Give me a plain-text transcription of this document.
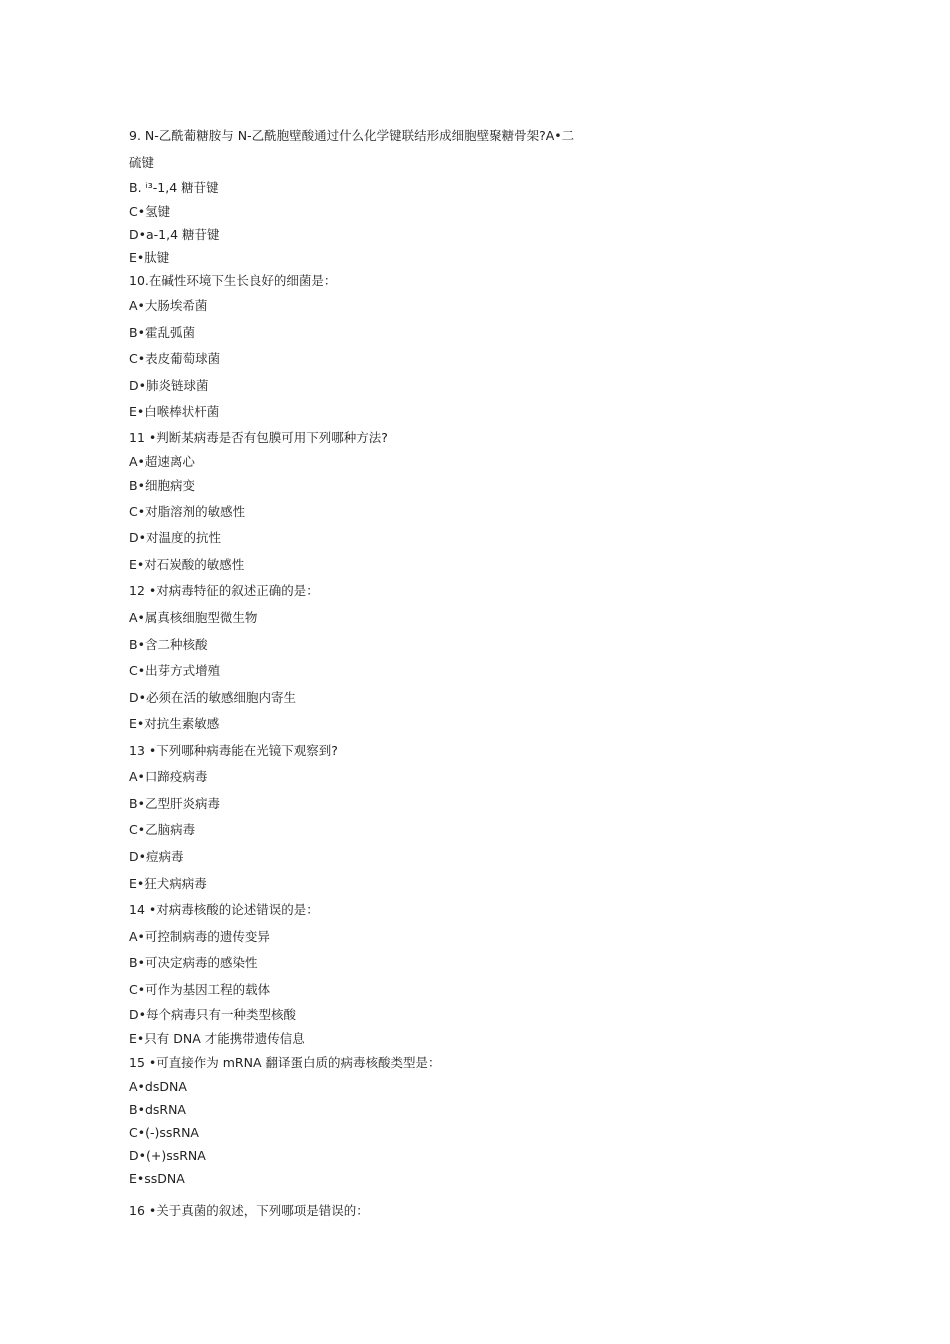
9. N-乙酰葡糖胺与 N-乙酰胞壁酸通过什么化学键联结形成细胞壁聚糖骨架?A•二
硫键
B. ⁱ³-1,4 糖苷键
C•氢键
D•a-1,4 糖苷键
E•肽键
10.在碱性环境下生长良好的细菌是：
A•大肠埃希菌
B•霍乱弧菌
C•表皮葡萄球菌
D•肺炎链球菌
E•白喉棒状杆菌
11 •判断某病毒是否有包膜可用下列哪种方法?
A•超速离心
B•细胞病变
C•对脂溶剂的敏感性
D•对温度的抗性
E•对石炭酸的敏感性
12 •对病毒特征的叙述正确的是：
A•属真核细胞型微生物
B•含二种核酸
C•出芽方式增殖
D•必须在活的敏感细胞内寄生
E•对抗生素敏感
13 •下列哪种病毒能在光镜下观察到?
A•口蹄疫病毒
B•乙型肝炎病毒
C•乙脑病毒
D•痘病毒
E•狂犬病病毒
14 •对病毒核酸的论述错误的是：
A•可控制病毒的遗传变异
B•可决定病毒的感染性
C•可作为基因工程的载体
D•每个病毒只有一种类型核酸
E•只有 DNA 才能携带遗传信息
15 •可直接作为 mRNA 翻译蛋白质的病毒核酸类型是：
A•dsDNA
B•dsRNA
C•(-)ssRNA
D•(+)ssRNA
E•ssDNA
16 •关于真菌的叙述，下列哪项是错误的：
